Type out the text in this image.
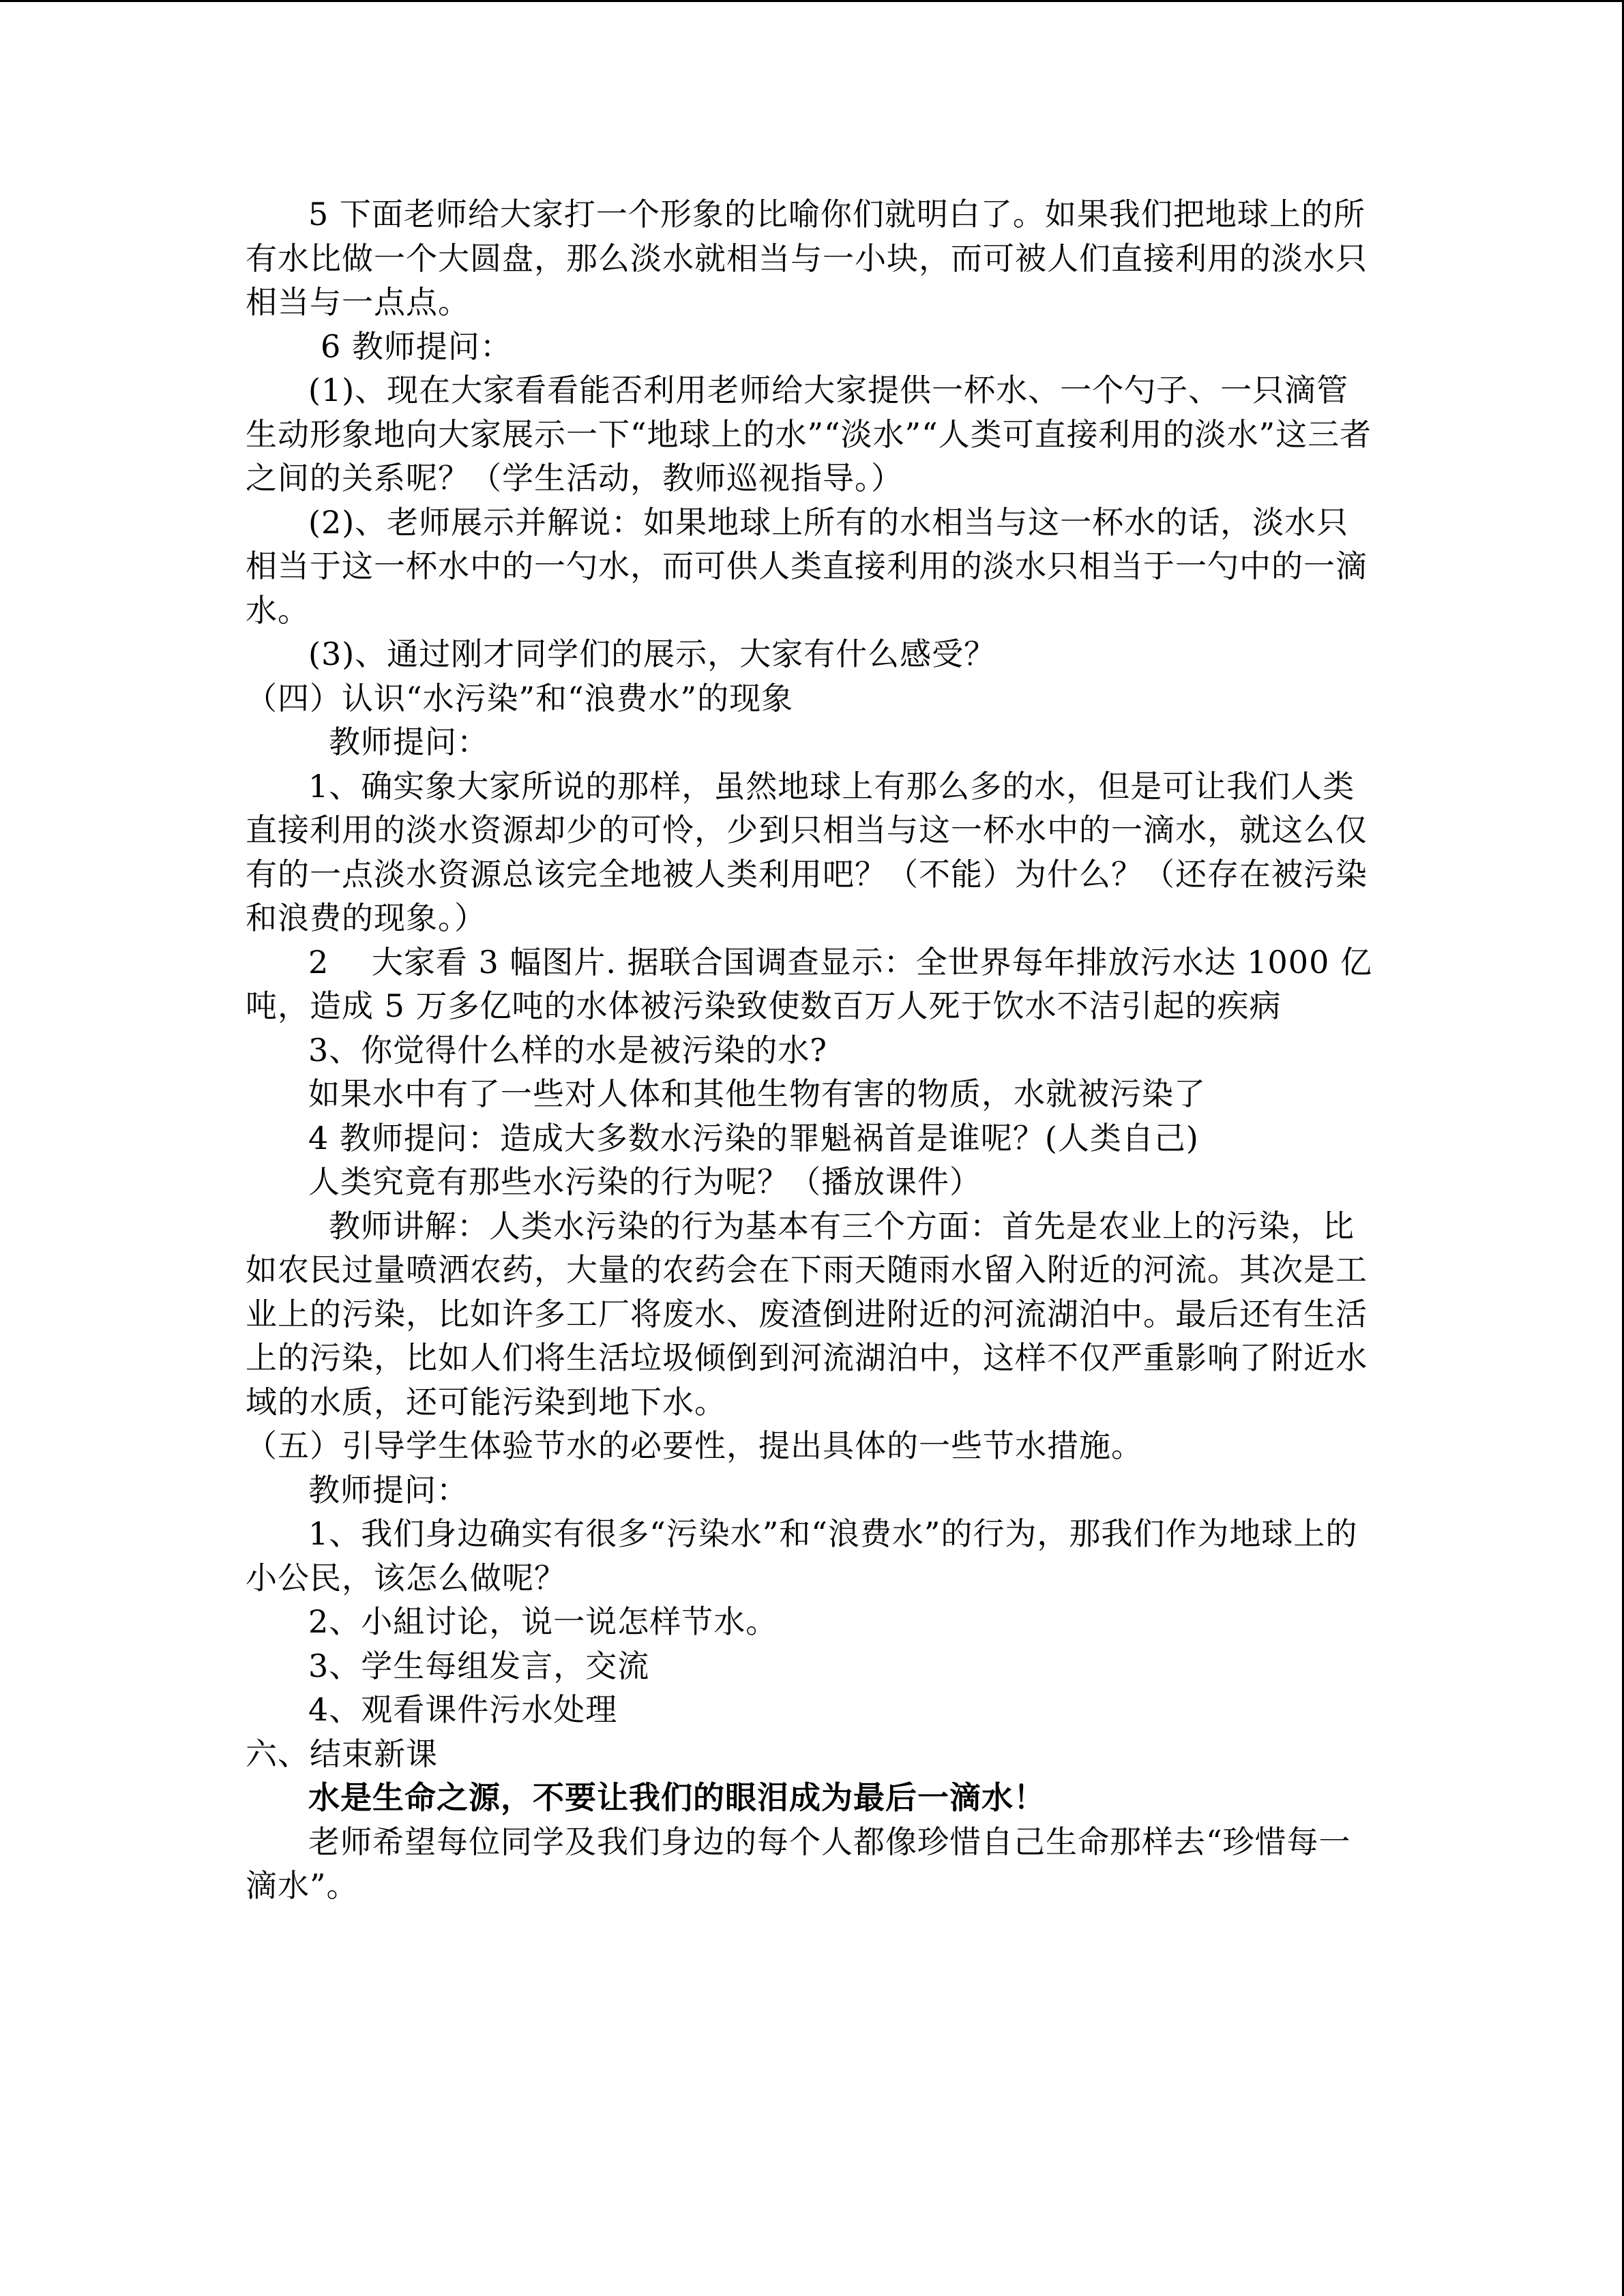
5 下面老师给大家打一个形象的比喻你们就明白了。如果我们把地球上的所有水比做一个大圆盘，那么淡水就相当与一小块，而可被人们直接利用的淡水只相当与一点点。

6 教师提问：

(1)、现在大家看看能否利用老师给大家提供一杯水、一个勺子、一只滴管生动形象地向大家展示一下“地球上的水”“淡水”“人类可直接利用的淡水”这三者之间的关系呢？（学生活动，教师巡视指导。）

(2)、老师展示并解说：如果地球上所有的水相当与这一杯水的话，淡水只相当于这一杯水中的一勺水，而可供人类直接利用的淡水只相当于一勺中的一滴水。

(3)、通过刚才同学们的展示，大家有什么感受？

（四）认识“水污染”和“浪费水”的现象

教师提问：

1、确实象大家所说的那样，虽然地球上有那么多的水，但是可让我们人类直接利用的淡水资源却少的可怜，少到只相当与这一杯水中的一滴水，就这么仅有的一点淡水资源总该完全地被人类利用吧？（不能）为什么？（还存在被污染和浪费的现象。）

2　 大家看 3 幅图片. 据联合国调查显示：全世界每年排放污水达 1000 亿吨，造成 5 万多亿吨的水体被污染致使数百万人死于饮水不洁引起的疾病

3、你觉得什么样的水是被污染的水?

如果水中有了一些对人体和其他生物有害的物质，水就被污染了

4 教师提问：造成大多数水污染的罪魁祸首是谁呢？(人类自己)

人类究竟有那些水污染的行为呢？（播放课件）

教师讲解：人类水污染的行为基本有三个方面：首先是农业上的污染，比如农民过量喷洒农药，大量的农药会在下雨天随雨水留入附近的河流。其次是工业上的污染，比如许多工厂将废水、废渣倒进附近的河流湖泊中。最后还有生活上的污染，比如人们将生活垃圾倾倒到河流湖泊中，这样不仅严重影响了附近水域的水质，还可能污染到地下水。

（五）引导学生体验节水的必要性，提出具体的一些节水措施。

教师提问：

1、我们身边确实有很多“污染水”和“浪费水”的行为，那我们作为地球上的小公民，该怎么做呢？

2、小組讨论，说一说怎样节水。

3、学生每组发言，交流

4、观看课件污水处理

六、结束新课

水是生命之源，不要让我们的眼泪成为最后一滴水！

老师希望每位同学及我们身边的每个人都像珍惜自己生命那样去“珍惜每一滴水”。
